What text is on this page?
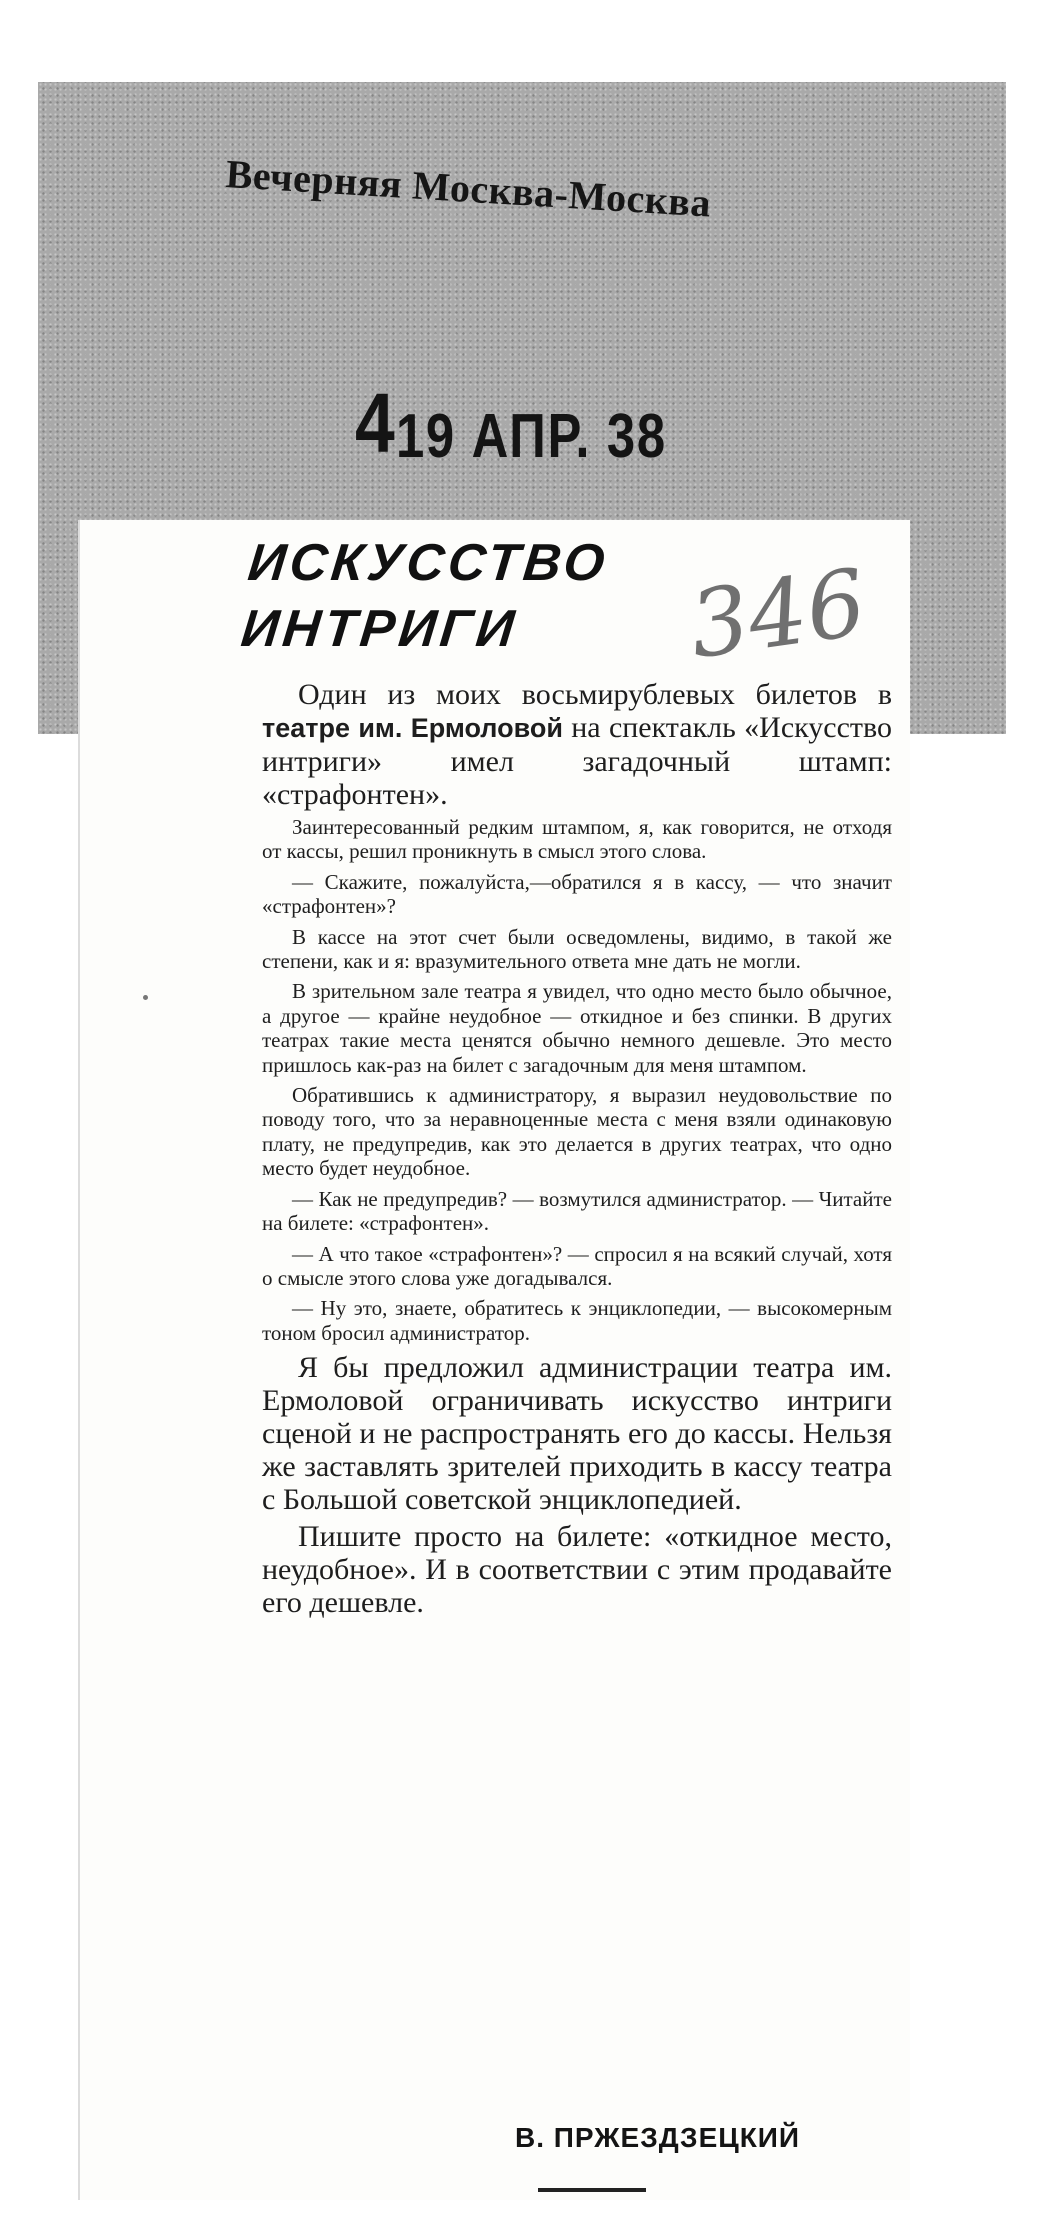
Вечерняя Москва-Москва
4 19 АПР. 38
ИСКУССТВО
ИНТРИГИ	346

Один из моих восьмирублевых билетов в театре им. Ермоловой на спектакль «Искусство интриги» имел загадочный штамп: «страфонтен».

Заинтересованный редким штампом, я, как говорится, не отходя от кассы, решил проникнуть в смысл этого слова.

— Скажите, пожалуйста,—обратился я в кассу, — что значит «страфонтен»?

В кассе на этот счет были осведомлены, видимо, в такой же степени, как и я: вразумительного ответа мне дать не могли.

В зрительном зале театра я увидел, что одно место было обычное, а другое — крайне неудобное — откидное и без спинки. В других театрах такие места ценятся обычно немного дешевле. Это место пришлось как-раз на билет с загадочным для меня штампом.

Обратившись к администратору, я выразил неудовольствие по поводу того, что за неравноценные места с меня взяли одинаковую плату, не предупредив, как это делается в других театрах, что одно место будет неудобное.

— Как не предупредив? — возмутился администратор. — Читайте на билете: «страфонтен».

— А что такое «страфонтен»? — спросил я на всякий случай, хотя о смысле этого слова уже догадывался.

— Ну это, знаете, обратитесь к энциклопедии, — высокомерным тоном бросил администратор.

Я бы предложил администрации театра им. Ермоловой ограничивать искусство интриги сценой и не распространять его до кассы. Нельзя же заставлять зрителей приходить в кассу театра с Большой советской энциклопедией.

Пишите просто на билете: «откидное место, неудобное». И в соответствии с этим продавайте его дешевле.

В. ПРЖЕЗДЗЕЦКИЙ
